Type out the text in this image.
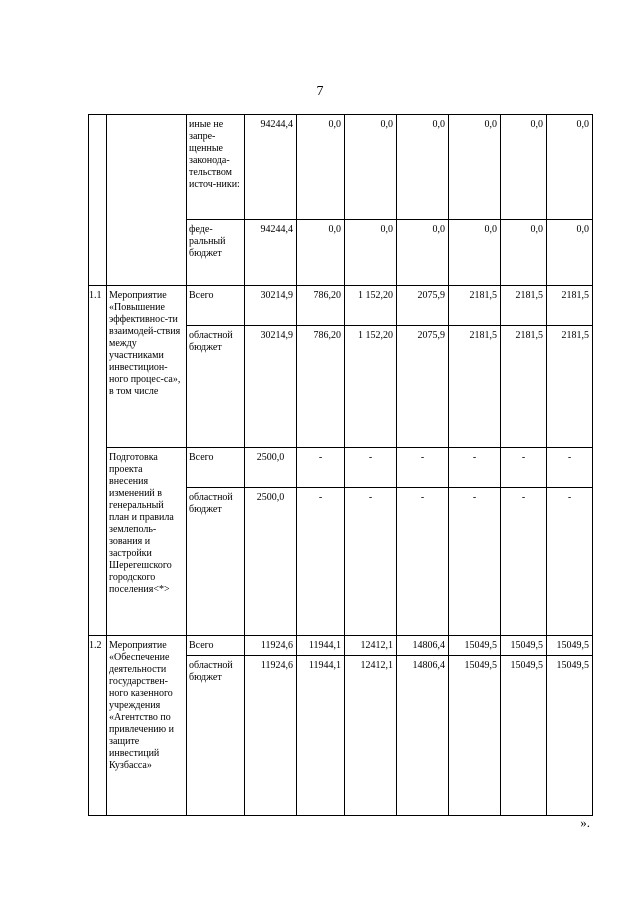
7
		иные не запре-щенные законода-тельством источ-ники:	94244,4	0,0	0,0	0,0	0,0	0,0	0,0
		феде-ральный бюджет	94244,4	0,0	0,0	0,0	0,0	0,0	0,0
1.1	Мероприятие «Повышение эффективнос-ти взаимодей-ствия между участниками инвестицион-ного процес-са», в том числе	Всего	30214,9	786,20	1 152,20	2075,9	2181,5	2181,5	2181,5
		областной бюджет	30214,9	786,20	1 152,20	2075,9	2181,5	2181,5	2181,5
	Подготовка проекта внесения изменений в генеральный план и правила землеполь-зования и застройки Шерегешского городского поселения<*>	Всего	2500,0	-	-	-	-	-	-
		областной бюджет	2500,0	-	-	-	-	-	-
1.2	Мероприятие «Обеспечение деятельности государствен-ного казенного учреждения «Агентство по привлечению и защите инвестиций Кузбасса»	Всего	11924,6	11944,1	12412,1	14806,4	15049,5	15049,5	15049,5
		областной бюджет	11924,6	11944,1	12412,1	14806,4	15049,5	15049,5	15049,5
».
